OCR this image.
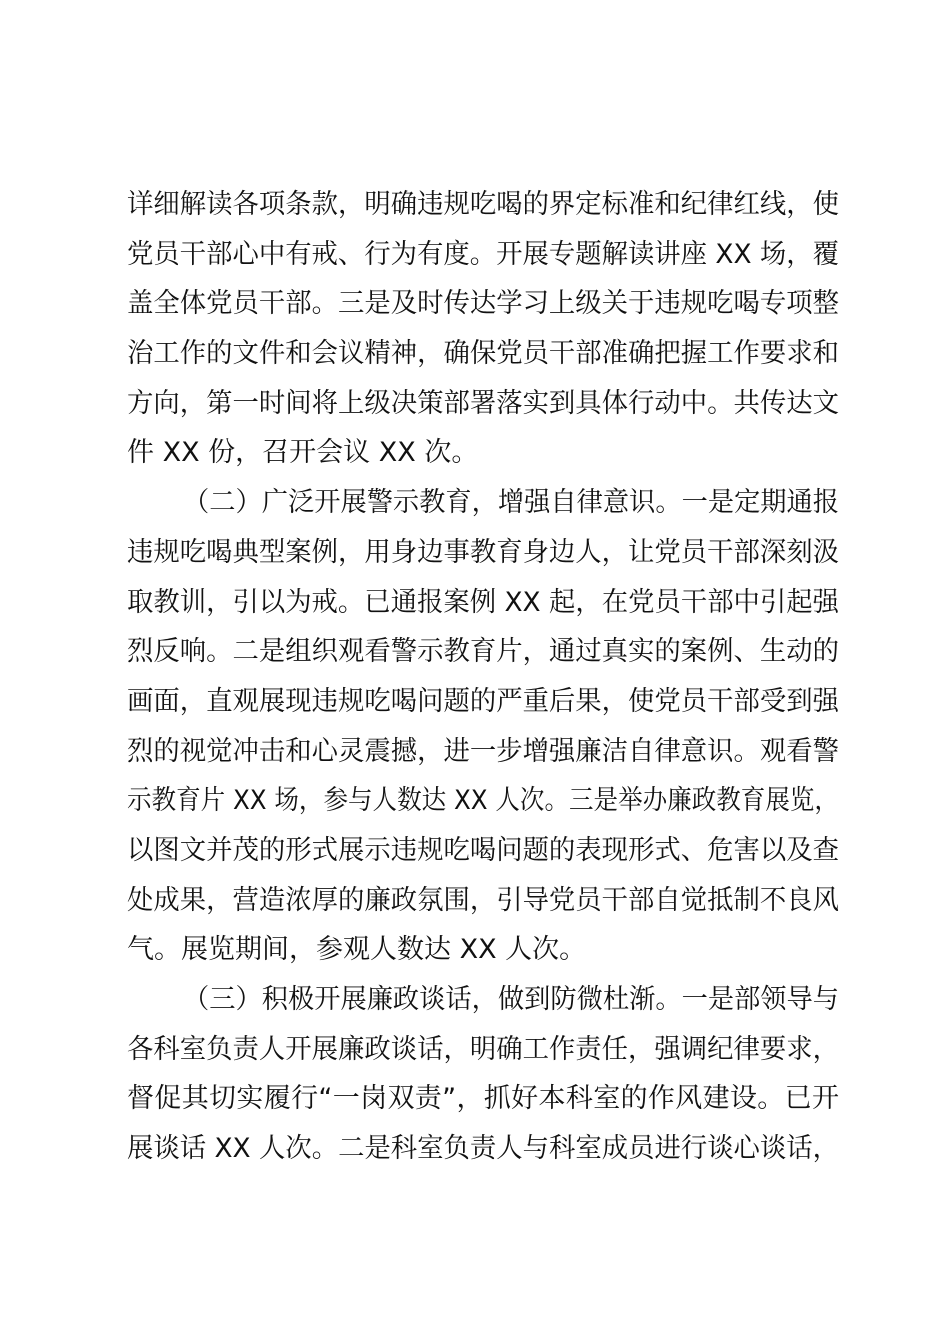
详细解读各项条款，明确违规吃喝的界定标准和纪律红线，使
党员干部心中有戒、行为有度。开展专题解读讲座 XX 场，覆
盖全体党员干部。三是及时传达学习上级关于违规吃喝专项整
治工作的文件和会议精神，确保党员干部准确把握工作要求和
方向，第一时间将上级决策部署落实到具体行动中。共传达文
件 XX 份，召开会议 XX 次。
（二）广泛开展警示教育，增强自律意识。一是定期通报
违规吃喝典型案例，用身边事教育身边人，让党员干部深刻汲
取教训，引以为戒。已通报案例 XX 起，在党员干部中引起强
烈反响。二是组织观看警示教育片，通过真实的案例、生动的
画面，直观展现违规吃喝问题的严重后果，使党员干部受到强
烈的视觉冲击和心灵震撼，进一步增强廉洁自律意识。观看警
示教育片 XX 场，参与人数达 XX 人次。三是举办廉政教育展览，
以图文并茂的形式展示违规吃喝问题的表现形式、危害以及查
处成果，营造浓厚的廉政氛围，引导党员干部自觉抵制不良风
气。展览期间，参观人数达 XX 人次。
（三）积极开展廉政谈话，做到防微杜渐。一是部领导与
各科室负责人开展廉政谈话，明确工作责任，强调纪律要求，
督促其切实履行“一岗双责”，抓好本科室的作风建设。已开
展谈话 XX 人次。二是科室负责人与科室成员进行谈心谈话，
